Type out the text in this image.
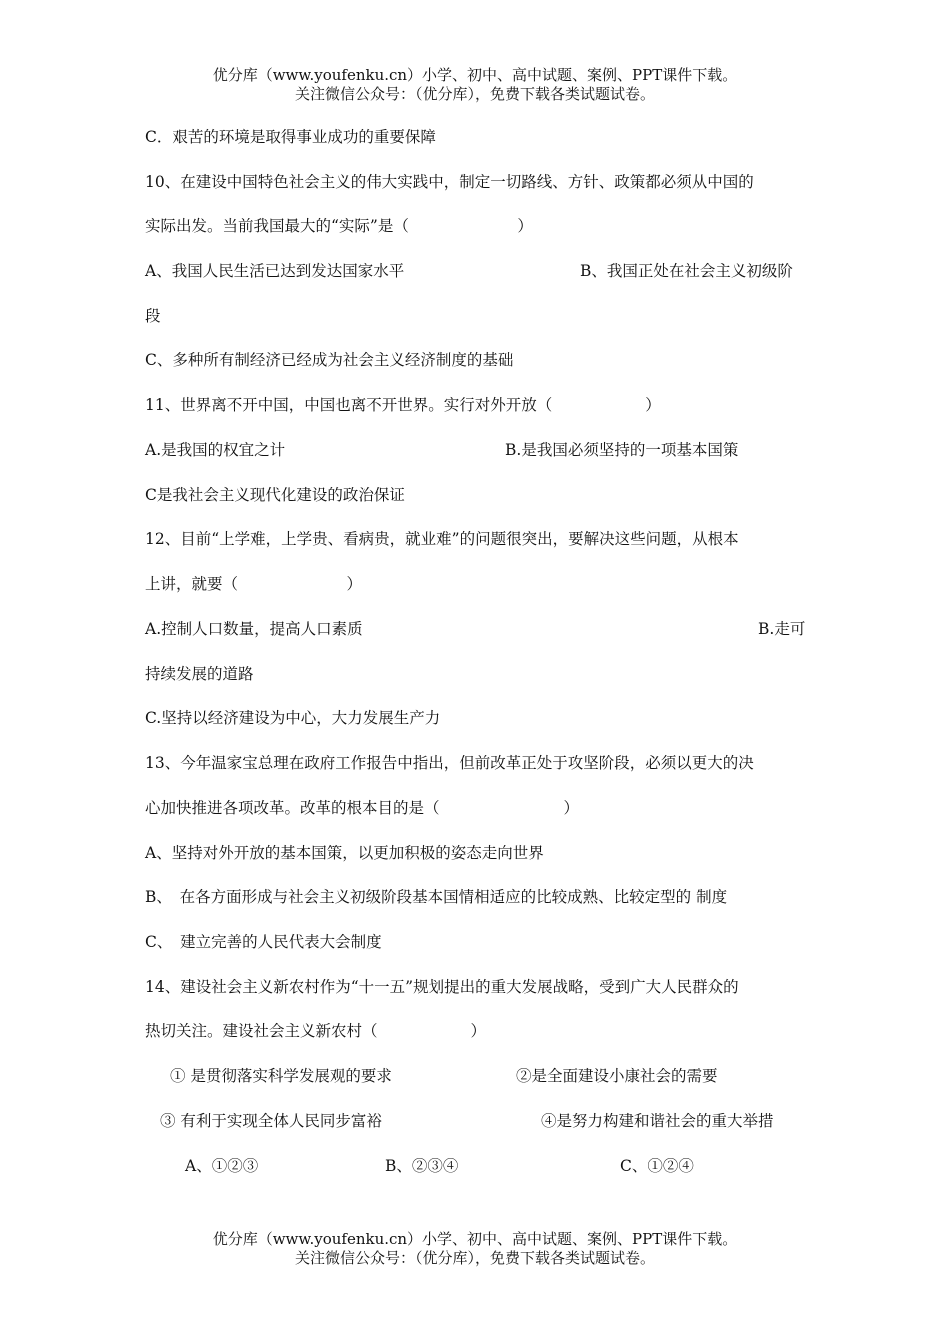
优分库（www.youfenku.cn）小学、初中、高中试题、案例、PPT课件下载。
关注微信公众号：（优分库），免费下载各类试题试卷。
C．艰苦的环境是取得事业成功的重要保障
10、在建设中国特色社会主义的伟大实践中，制定一切路线、方针、政策都必须从中国的
实际出发。当前我国最大的“实际”是（　　　　　　　）
A、我国人民生活已达到发达国家水平	B、我国正处在社会主义初级阶
段
C、多种所有制经济已经成为社会主义经济制度的基础
11、世界离不开中国，中国也离不开世界。实行对外开放（　　　　　　）
A.是我国的权宜之计	B.是我国必须坚持的一项基本国策
C是我社会主义现代化建设的政治保证
12、目前“上学难，上学贵、看病贵，就业难”的问题很突出，要解决这些问题，从根本
上讲，就要（　　　　　　　）
A.控制人口数量，提高人口素质	B.走可
持续发展的道路
C.坚持以经济建设为中心，大力发展生产力
13、今年温家宝总理在政府工作报告中指出，但前改革正处于攻坚阶段，必须以更大的决
心加快推进各项改革。改革的根本目的是（　　　　　　　　）
A、坚持对外开放的基本国策，以更加积极的姿态走向世界
B、　在各方面形成与社会主义初级阶段基本国情相适应的比较成熟、比较定型的 制度
C、　建立完善的人民代表大会制度
14、建设社会主义新农村作为“十一五”规划提出的重大发展战略，受到广大人民群众的
热切关注。建设社会主义新农村（　　　　　　）
① 是贯彻落实科学发展观的要求	②是全面建设小康社会的需要
③ 有利于实现全体人民同步富裕	④是努力构建和谐社会的重大举措
A、①②③	B、②③④	C、①②④
优分库（www.youfenku.cn）小学、初中、高中试题、案例、PPT课件下载。
关注微信公众号：（优分库），免费下载各类试题试卷。
